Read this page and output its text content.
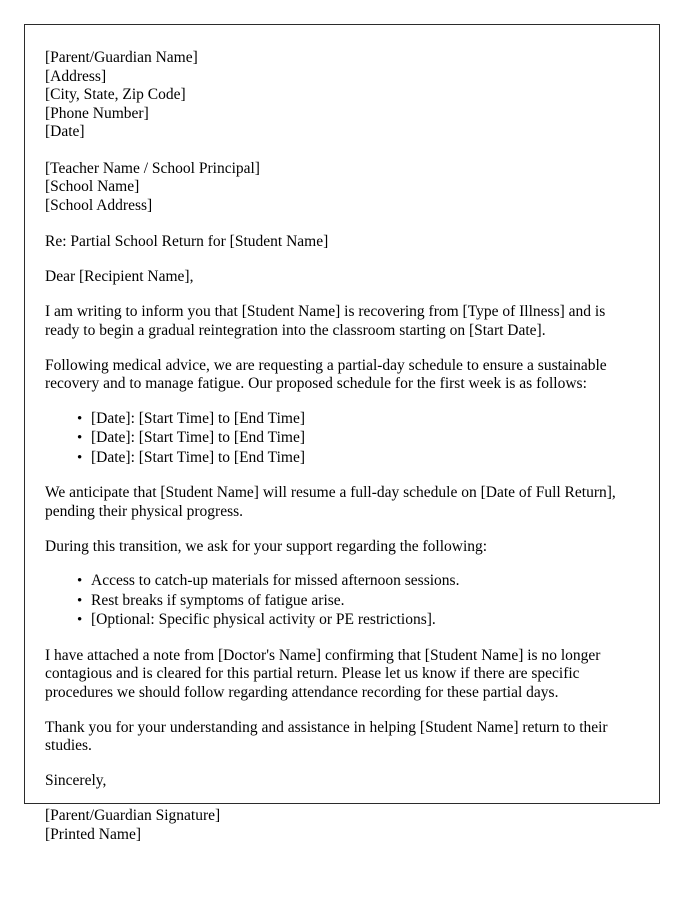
[Parent/Guardian Name]
[Address]
[City, State, Zip Code]
[Phone Number]
[Date]
[Teacher Name / School Principal]
[School Name]
[School Address]

Re: Partial School Return for [Student Name]

Dear [Recipient Name],

I am writing to inform you that [Student Name] is recovering from [Type of Illness] and is ready to begin a gradual reintegration into the classroom starting on [Start Date].

Following medical advice, we are requesting a partial-day schedule to ensure a sustainable recovery and to manage fatigue. Our proposed schedule for the first week is as follows:

• [Date]: [Start Time] to [End Time]
• [Date]: [Start Time] to [End Time]
• [Date]: [Start Time] to [End Time]

We anticipate that [Student Name] will resume a full-day schedule on [Date of Full Return], pending their physical progress.

During this transition, we ask for your support regarding the following:

• Access to catch-up materials for missed afternoon sessions.
• Rest breaks if symptoms of fatigue arise.
• [Optional: Specific physical activity or PE restrictions].

I have attached a note from [Doctor's Name] confirming that [Student Name] is no longer contagious and is cleared for this partial return. Please let us know if there are specific procedures we should follow regarding attendance recording for these partial days.

Thank you for your understanding and assistance in helping [Student Name] return to their studies.

Sincerely,

[Parent/Guardian Signature]
[Printed Name]
